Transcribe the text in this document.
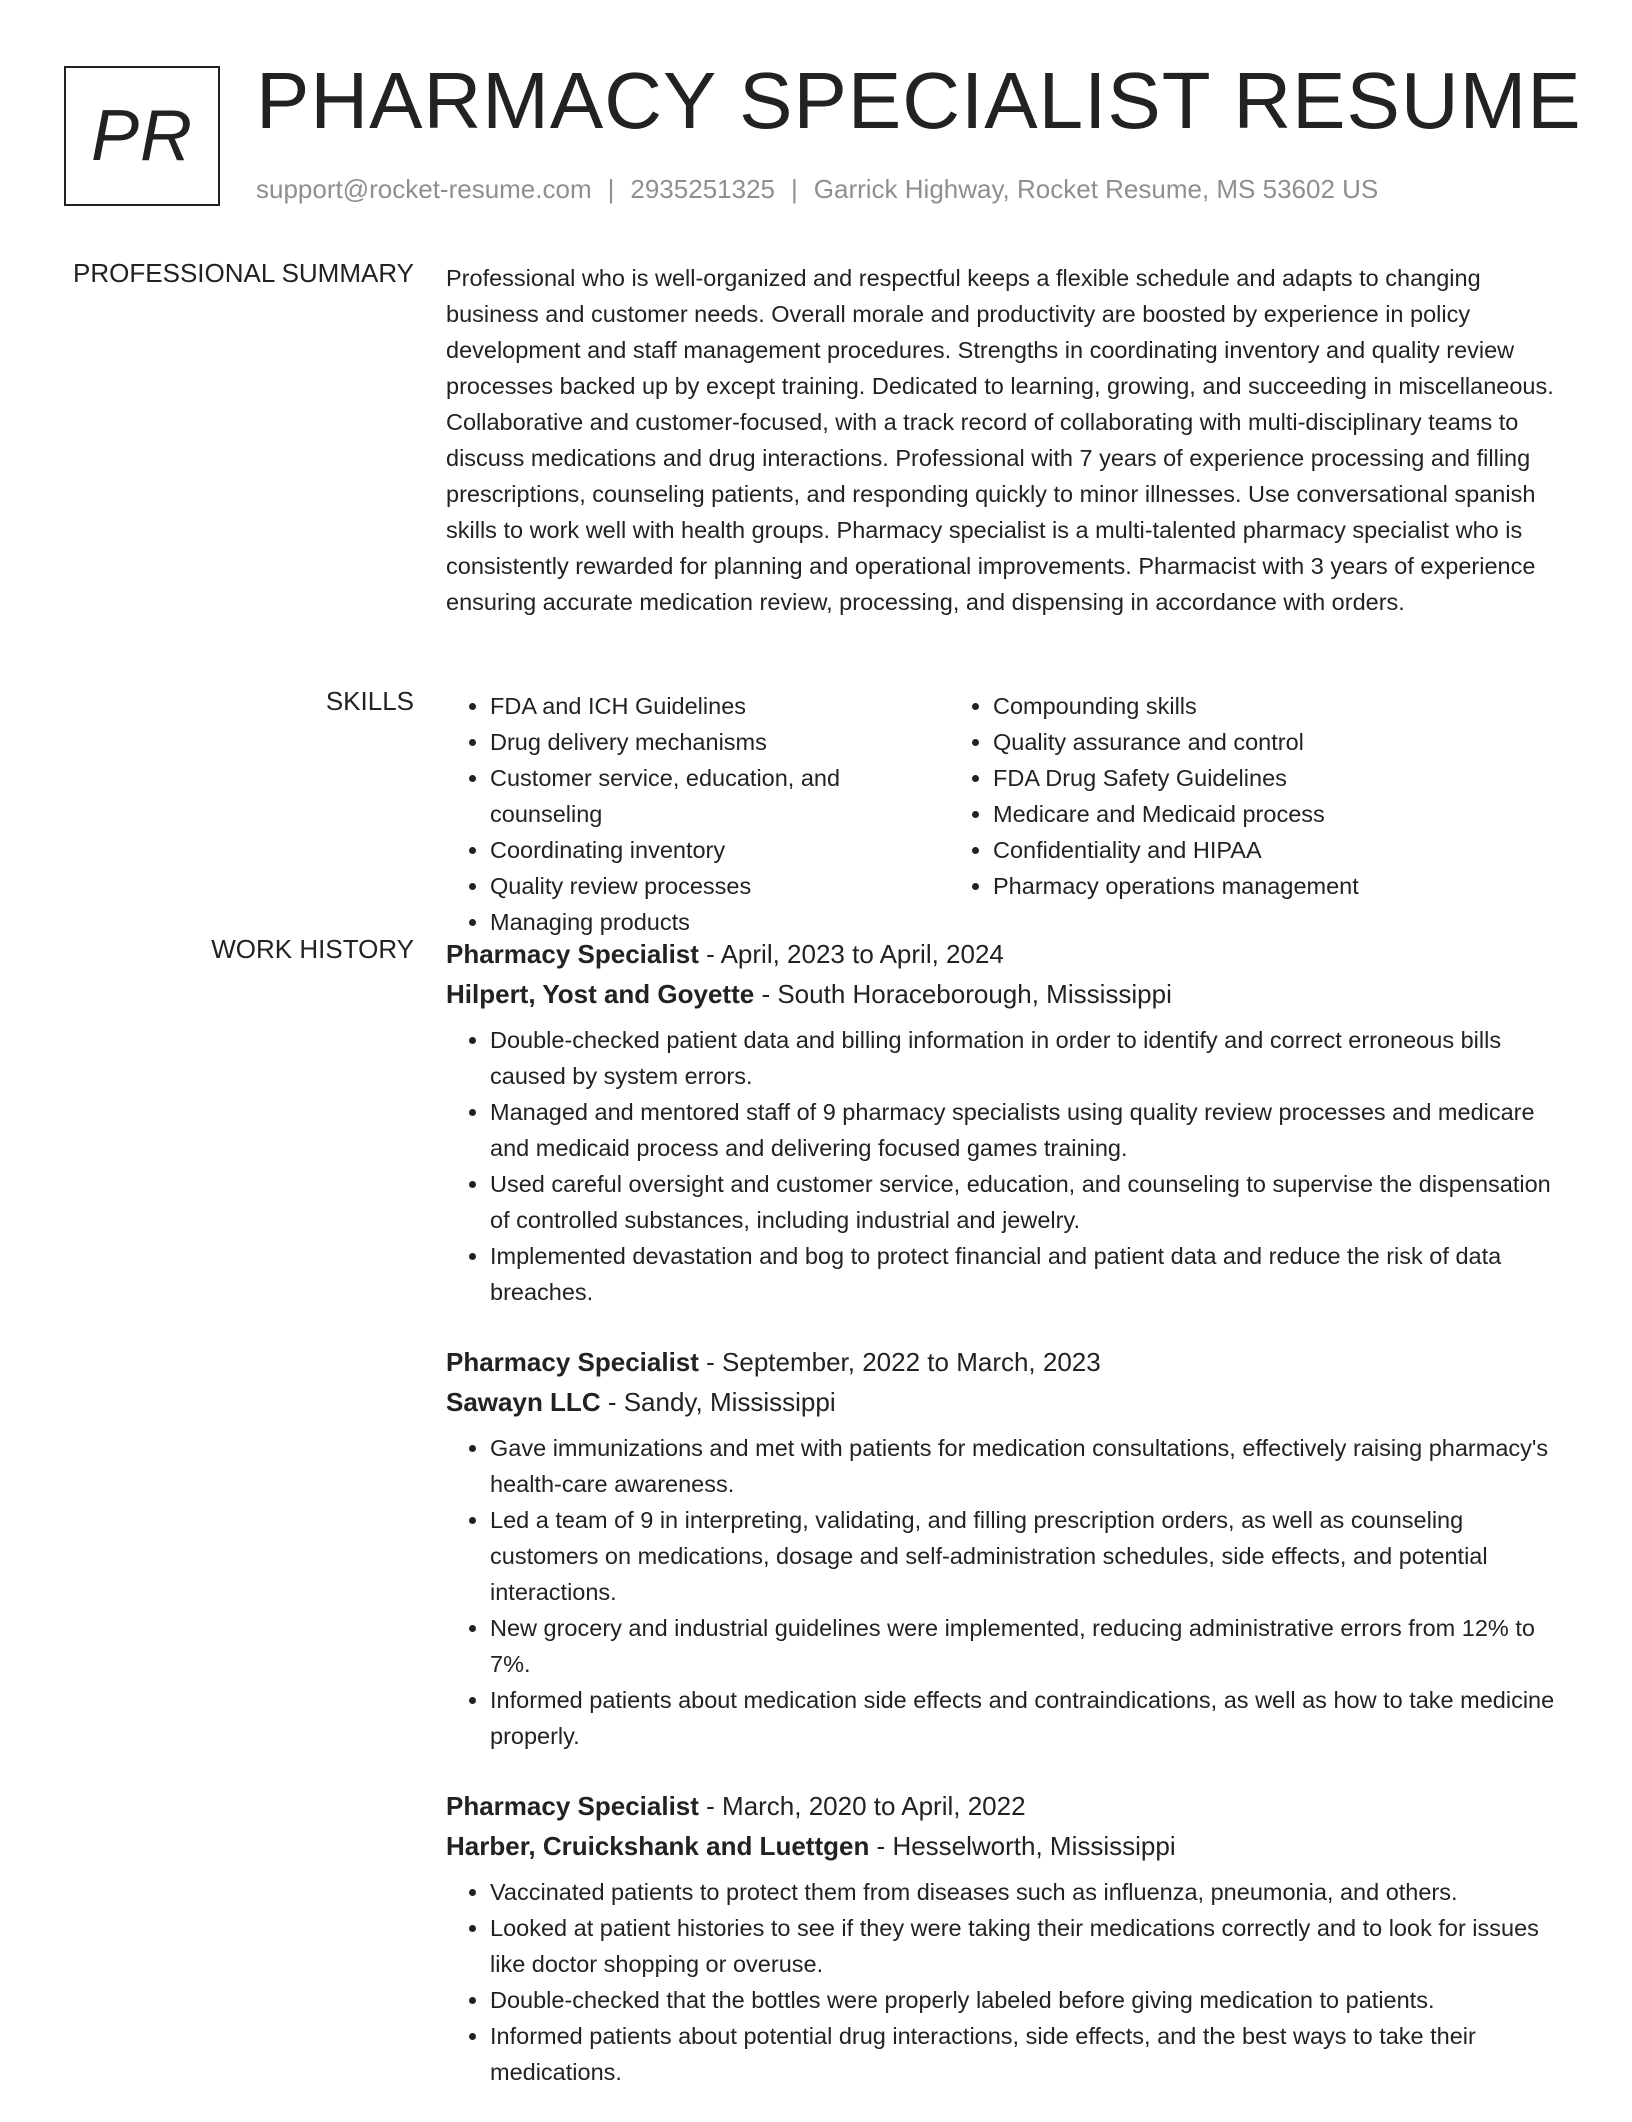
PR PHARMACY SPECIALIST RESUME
support@rocket-resume.com | 2935251325 | Garrick Highway, Rocket Resume, MS 53602 US
PROFESSIONAL SUMMARY Professional who is well-organized and respectful keeps a flexible schedule and adapts to changing business and customer needs. Overall morale and productivity are boosted by experience in policy development and staff management procedures. Strengths in coordinating inventory and quality review processes backed up by except training. Dedicated to learning, growing, and succeeding in miscellaneous. Collaborative and customer-focused, with a track record of collaborating with multi-disciplinary teams to discuss medications and drug interactions. Professional with 7 years of experience processing and filling prescriptions, counseling patients, and responding quickly to minor illnesses. Use conversational spanish skills to work well with health groups. Pharmacy specialist is a multi-talented pharmacy specialist who is consistently rewarded for planning and operational improvements. Pharmacist with 3 years of experience ensuring accurate medication review, processing, and dispensing in accordance with orders.

SKILLS
•	FDA and ICH Guidelines
• Drug delivery mechanisms
• Customer service, education, and counseling
• Coordinating inventory
• Quality review processes
• Managing products
• Compounding skills
• Quality assurance and control
• FDA Drug Safety Guidelines
• Medicare and Medicaid process
• Confidentiality and HIPAA
• Pharmacy operations management
WORK HISTORY Pharmacy Specialist - April, 2023 to April, 2024
Hilpert, Yost and Goyette - South Horaceborough, Mississippi
• Double-checked patient data and billing information in order to identify and correct erroneous bills caused by system errors.
• Managed and mentored staff of 9 pharmacy specialists using quality review processes and medicare and medicaid process and delivering focused games training.
• Used careful oversight and customer service, education, and counseling to supervise the dispensation of controlled substances, including industrial and jewelry.
• Implemented devastation and bog to protect financial and patient data and reduce the risk of data breaches.
Pharmacy Specialist - September, 2022 to March, 2023
Sawayn LLC - Sandy, Mississippi
• Gave immunizations and met with patients for medication consultations, effectively raising pharmacy's health-care awareness.
• Led a team of 9 in interpreting, validating, and filling prescription orders, as well as counseling customers on medications, dosage and self-administration schedules, side effects, and potential interactions.
• New grocery and industrial guidelines were implemented, reducing administrative errors from 12% to 7%.
• Informed patients about medication side effects and contraindications, as well as how to take medicine properly.
Pharmacy Specialist - March, 2020 to April, 2022
Harber, Cruickshank and Luettgen - Hesselworth, Mississippi
• Vaccinated patients to protect them from diseases such as influenza, pneumonia, and others.
• Looked at patient histories to see if they were taking their medications correctly and to look for issues like doctor shopping or overuse.
• Double-checked that the bottles were properly labeled before giving medication to patients.
• Informed patients about potential drug interactions, side effects, and the best ways to take their medications.
